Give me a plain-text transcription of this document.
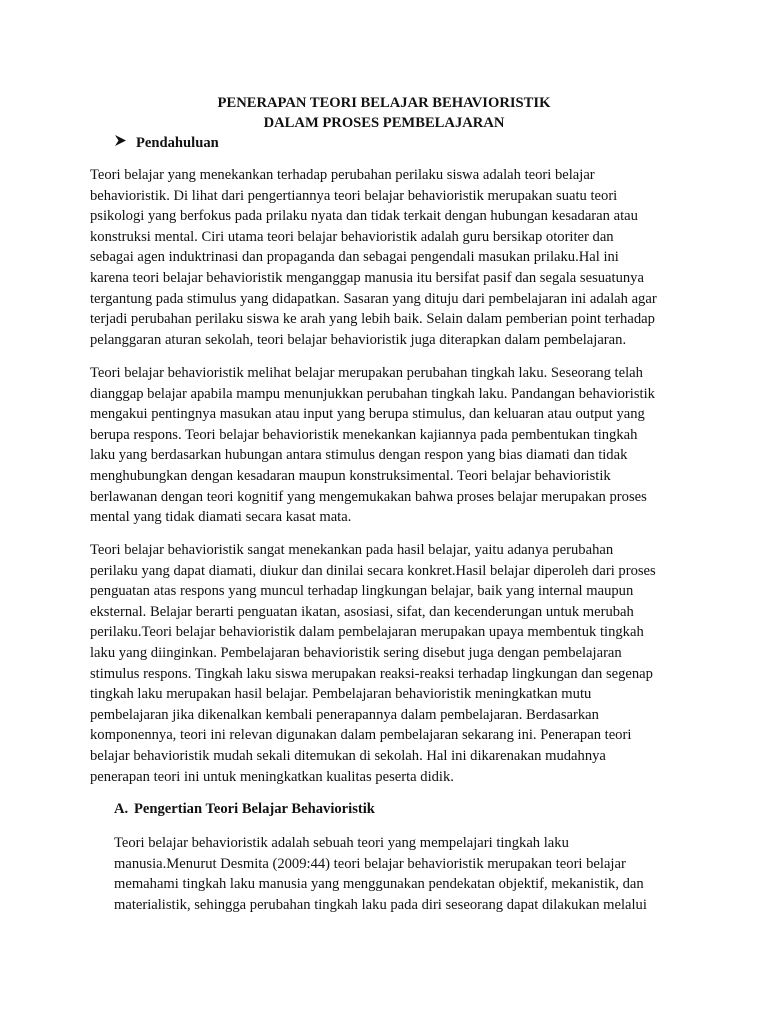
PENERAPAN TEORI BELAJAR BEHAVIORISTIK
DALAM PROSES PEMBELAJARAN
Pendahuluan
Teori belajar yang menekankan terhadap perubahan perilaku siswa adalah teori belajar
behavioristik. Di lihat dari pengertiannya teori belajar behavioristik merupakan suatu teori
psikologi yang berfokus pada prilaku nyata dan tidak terkait dengan hubungan kesadaran atau
konstruksi mental. Ciri utama teori belajar behavioristik adalah guru bersikap otoriter dan
sebagai agen induktrinasi dan propaganda dan sebagai pengendali masukan prilaku.Hal ini
karena teori belajar behavioristik menganggap manusia itu bersifat pasif dan segala sesuatunya
tergantung pada stimulus yang didapatkan. Sasaran yang dituju dari pembelajaran ini adalah agar
terjadi perubahan perilaku siswa ke arah yang lebih baik. Selain dalam pemberian point terhadap
pelanggaran aturan sekolah, teori belajar behavioristik juga diterapkan dalam pembelajaran.
Teori belajar behavioristik melihat belajar merupakan perubahan tingkah laku. Seseorang telah
dianggap belajar apabila mampu menunjukkan perubahan tingkah laku. Pandangan behavioristik
mengakui pentingnya masukan atau input yang berupa stimulus, dan keluaran atau output yang
berupa respons. Teori belajar behavioristik menekankan kajiannya pada pembentukan tingkah
laku yang berdasarkan hubungan antara stimulus dengan respon yang bias diamati dan tidak
menghubungkan dengan kesadaran maupun konstruksimental. Teori belajar behavioristik
berlawanan dengan teori kognitif yang mengemukakan bahwa proses belajar merupakan proses
mental yang tidak diamati secara kasat mata.
Teori belajar behavioristik sangat menekankan pada hasil belajar, yaitu adanya perubahan
perilaku yang dapat diamati, diukur dan dinilai secara konkret.Hasil belajar diperoleh dari proses
penguatan atas respons yang muncul terhadap lingkungan belajar, baik yang internal maupun
eksternal. Belajar berarti penguatan ikatan, asosiasi, sifat, dan kecenderungan untuk merubah
perilaku.Teori belajar behavioristik dalam pembelajaran merupakan upaya membentuk tingkah
laku yang diinginkan. Pembelajaran behavioristik sering disebut juga dengan pembelajaran
stimulus respons. Tingkah laku siswa merupakan reaksi-reaksi terhadap lingkungan dan segenap
tingkah laku merupakan hasil belajar. Pembelajaran behavioristik meningkatkan mutu
pembelajaran jika dikenalkan kembali penerapannya dalam pembelajaran. Berdasarkan
komponennya, teori ini relevan digunakan dalam pembelajaran sekarang ini. Penerapan teori
belajar behavioristik mudah sekali ditemukan di sekolah. Hal ini dikarenakan mudahnya
penerapan teori ini untuk meningkatkan kualitas peserta didik.
A. Pengertian Teori Belajar Behavioristik
Teori belajar behavioristik adalah sebuah teori yang mempelajari tingkah laku
manusia.Menurut Desmita (2009:44) teori belajar behavioristik merupakan teori belajar
memahami tingkah laku manusia yang menggunakan pendekatan objektif, mekanistik, dan
materialistik, sehingga perubahan tingkah laku pada diri seseorang dapat dilakukan melalui
